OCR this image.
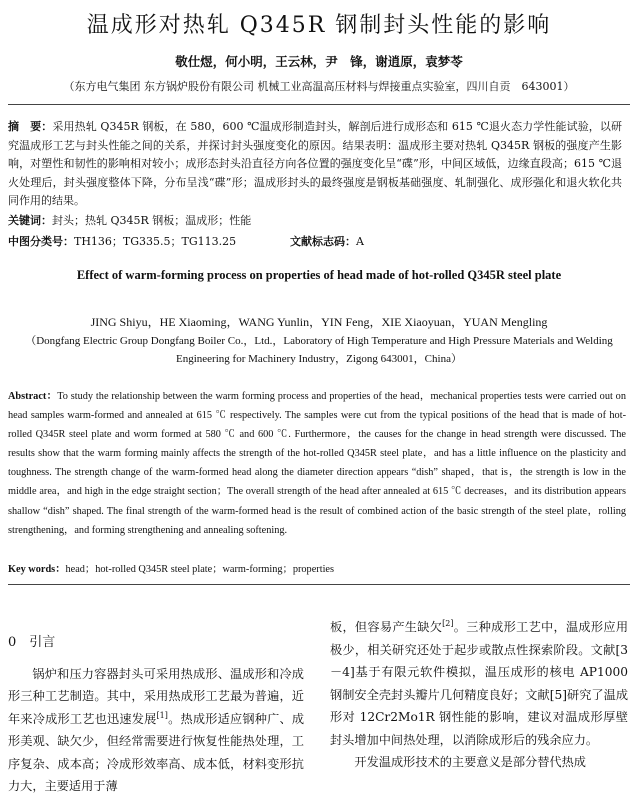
温成形对热轧 Q345R 钢制封头性能的影响
敬仕煜，何小明，王云林，尹　锋，谢逍原，袁梦苓
（东方电气集团 东方锅炉股份有限公司 机械工业高温高压材料与焊接重点实验室，四川自贡　643001）
摘　要：采用热轧 Q345R 钢板，在 580，600 ℃温成形制造封头，解剖后进行成形态和 615 ℃退火态力学性能试验，以研究温成形工艺与封头性能之间的关系，并探讨封头强度变化的原因。结果表明：温成形主要对热轧 Q345R 钢板的强度产生影响，对塑性和韧性的影响相对较小；成形态封头沿直径方向各位置的强度变化呈“碟”形，中间区域低，边缘直段高；615 ℃退火处理后，封头强度整体下降，分布呈浅“碟”形；温成形封头的最终强度是钢板基础强度、轧制强化、成形强化和退火软化共同作用的结果。
关键词：封头；热轧 Q345R 钢板；温成形；性能
中图分类号：TH136；TG335.5；TG113.25	文献标志码：A
Effect of warm-forming process on properties of head made of hot-rolled Q345R steel plate
JING Shiyu，HE Xiaoming，WANG Yunlin，YIN Feng，XIE Xiaoyuan，YUAN Mengling
（Dongfang Electric Group Dongfang Boiler Co.，Ltd.，Laboratory of High Temperature and High Pressure Materials and Welding Engineering for Machinery Industry，Zigong 643001，China）
Abstract：To study the relationship between the warm forming process and properties of the head，mechanical properties tests were carried out on head samples warm-formed and annealed at 615 ℃ respectively. The samples were cut from the typical positions of the head that is made of hot-rolled Q345R steel plate and worm formed at 580 ℃ and 600 ℃. Furthermore，the causes for the change in head strength were discussed. The results show that the warm forming mainly affects the strength of the hot-rolled Q345R steel plate，and has a little influence on the plasticity and toughness. The strength change of the warm-formed head along the diameter direction appears “dish” shaped，that is，the strength is low in the middle area，and high in the edge straight section；The overall strength of the head after annealed at 615 ℃ decreases，and its distribution appears shallow “dish” shaped. The final strength of the warm-formed head is the result of combined action of the basic strength of the steel plate，rolling strengthening，and forming strengthening and annealing softening.
Key words：head；hot-rolled Q345R steel plate；warm-forming；properties
0　引言

锅炉和压力容器封头可采用热成形、温成形和冷成形三种工艺制造。其中，采用热成形工艺最为普遍，近年来冷成形工艺也迅速发展[1]。热成形适应钢种广、成形美观、缺欠少，但经常需要进行恢复性能热处理，工序复杂、成本高；冷成形效率高、成本低，材料变形抗力大，主要适用于薄

板，但容易产生缺欠[2]。三种成形工艺中，温成形应用极少，相关研究还处于起步或散点性探索阶段。文献[3－4]基于有限元软件模拟，温压成形的核电 AP1000 钢制安全壳封头瓣片几何精度良好；文献[5]研究了温成形对 12Cr2Mo1R 钢性能的影响，建议对温成形厚壁封头增加中间热处理，以消除成形后的残余应力。

开发温成形技术的主要意义是部分替代热成
